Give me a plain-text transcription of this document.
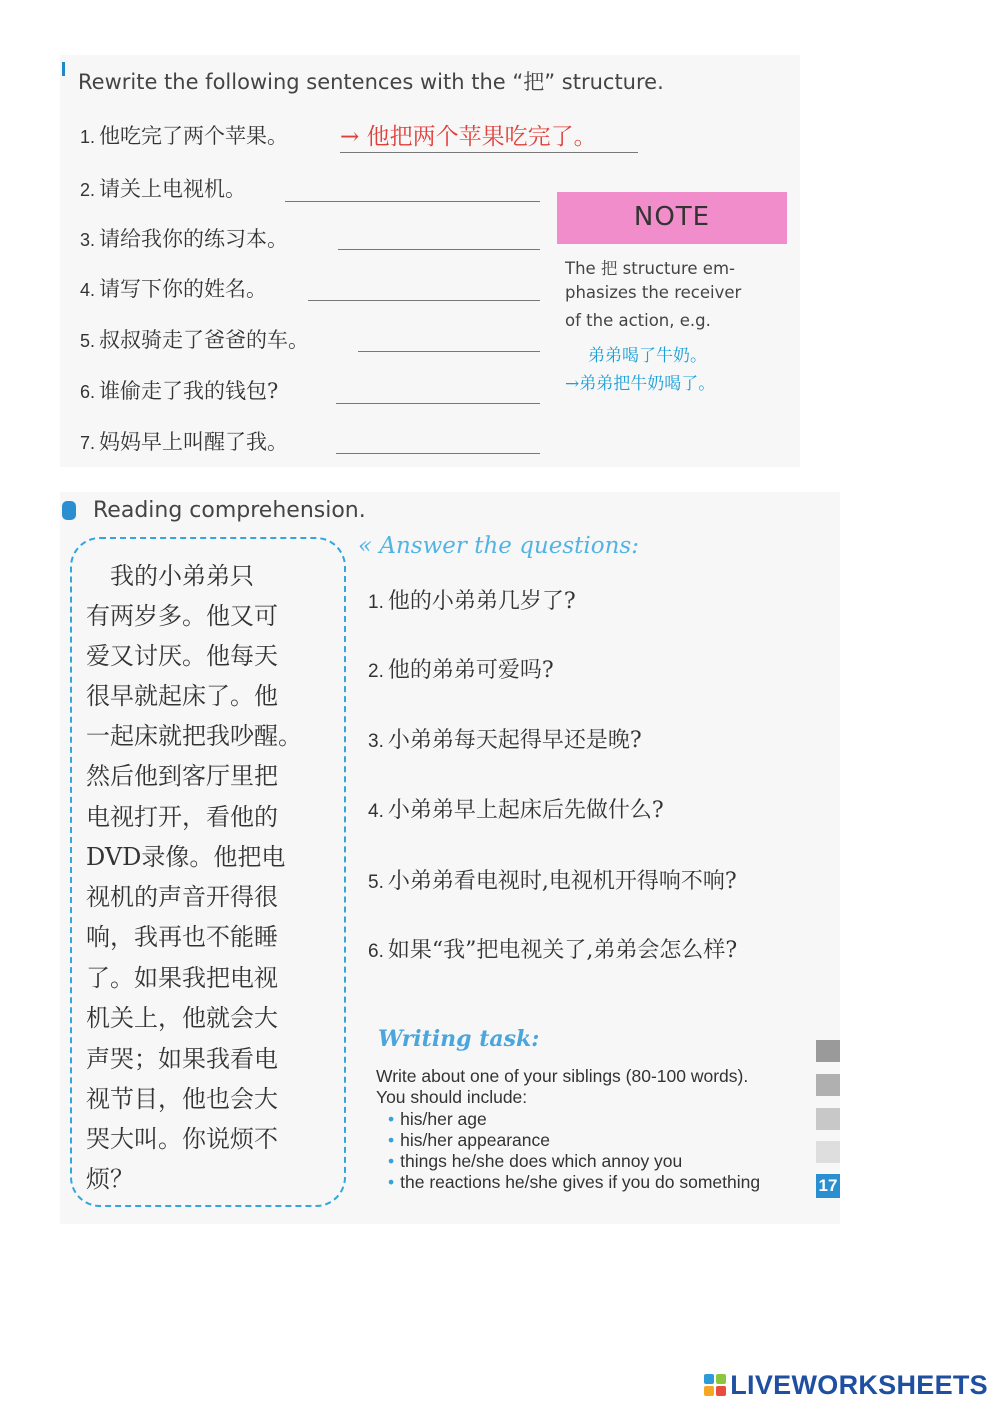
Rewrite the following sentences with the “把” structure.
1. 他吃完了两个苹果。 → 他把两个苹果吃完了。
2. 请关上电视机。
3. 请给我你的练习本。
4. 请写下你的姓名。
5. 叔叔骑走了爸爸的车。
6. 谁偷走了我的钱包?
7. 妈妈早上叫醒了我。
NOTE
The 把 structure em-
phasizes the receiver
of the action, e.g.
弟弟喝了牛奶。
→弟弟把牛奶喝了。
Reading comprehension.
　我的小弟弟只
有两岁多。他又可
爱又讨厌。他每天
很早就起床了。他
一起床就把我吵醒。
然后他到客厅里把
电视打开，看他的
DVD录像。他把电
视机的声音开得很
响，我再也不能睡
了。如果我把电视
机关上，他就会大
声哭；如果我看电
视节目，他也会大
哭大叫。你说烦不
烦？
« Answer the questions:
1. 他的小弟弟几岁了?
2. 他的弟弟可爱吗?
3. 小弟弟每天起得早还是晚?
4. 小弟弟早上起床后先做什么?
5. 小弟弟看电视时,电视机开得响不响?
6. 如果“我”把电视关了,弟弟会怎么样?
Writing task:
Write about one of your siblings (80-100 words).
You should include:
• his/her age
• his/her appearance
• things he/she does which annoy you
• the reactions he/she gives if you do something	17
LIVEWORKSHEETS
